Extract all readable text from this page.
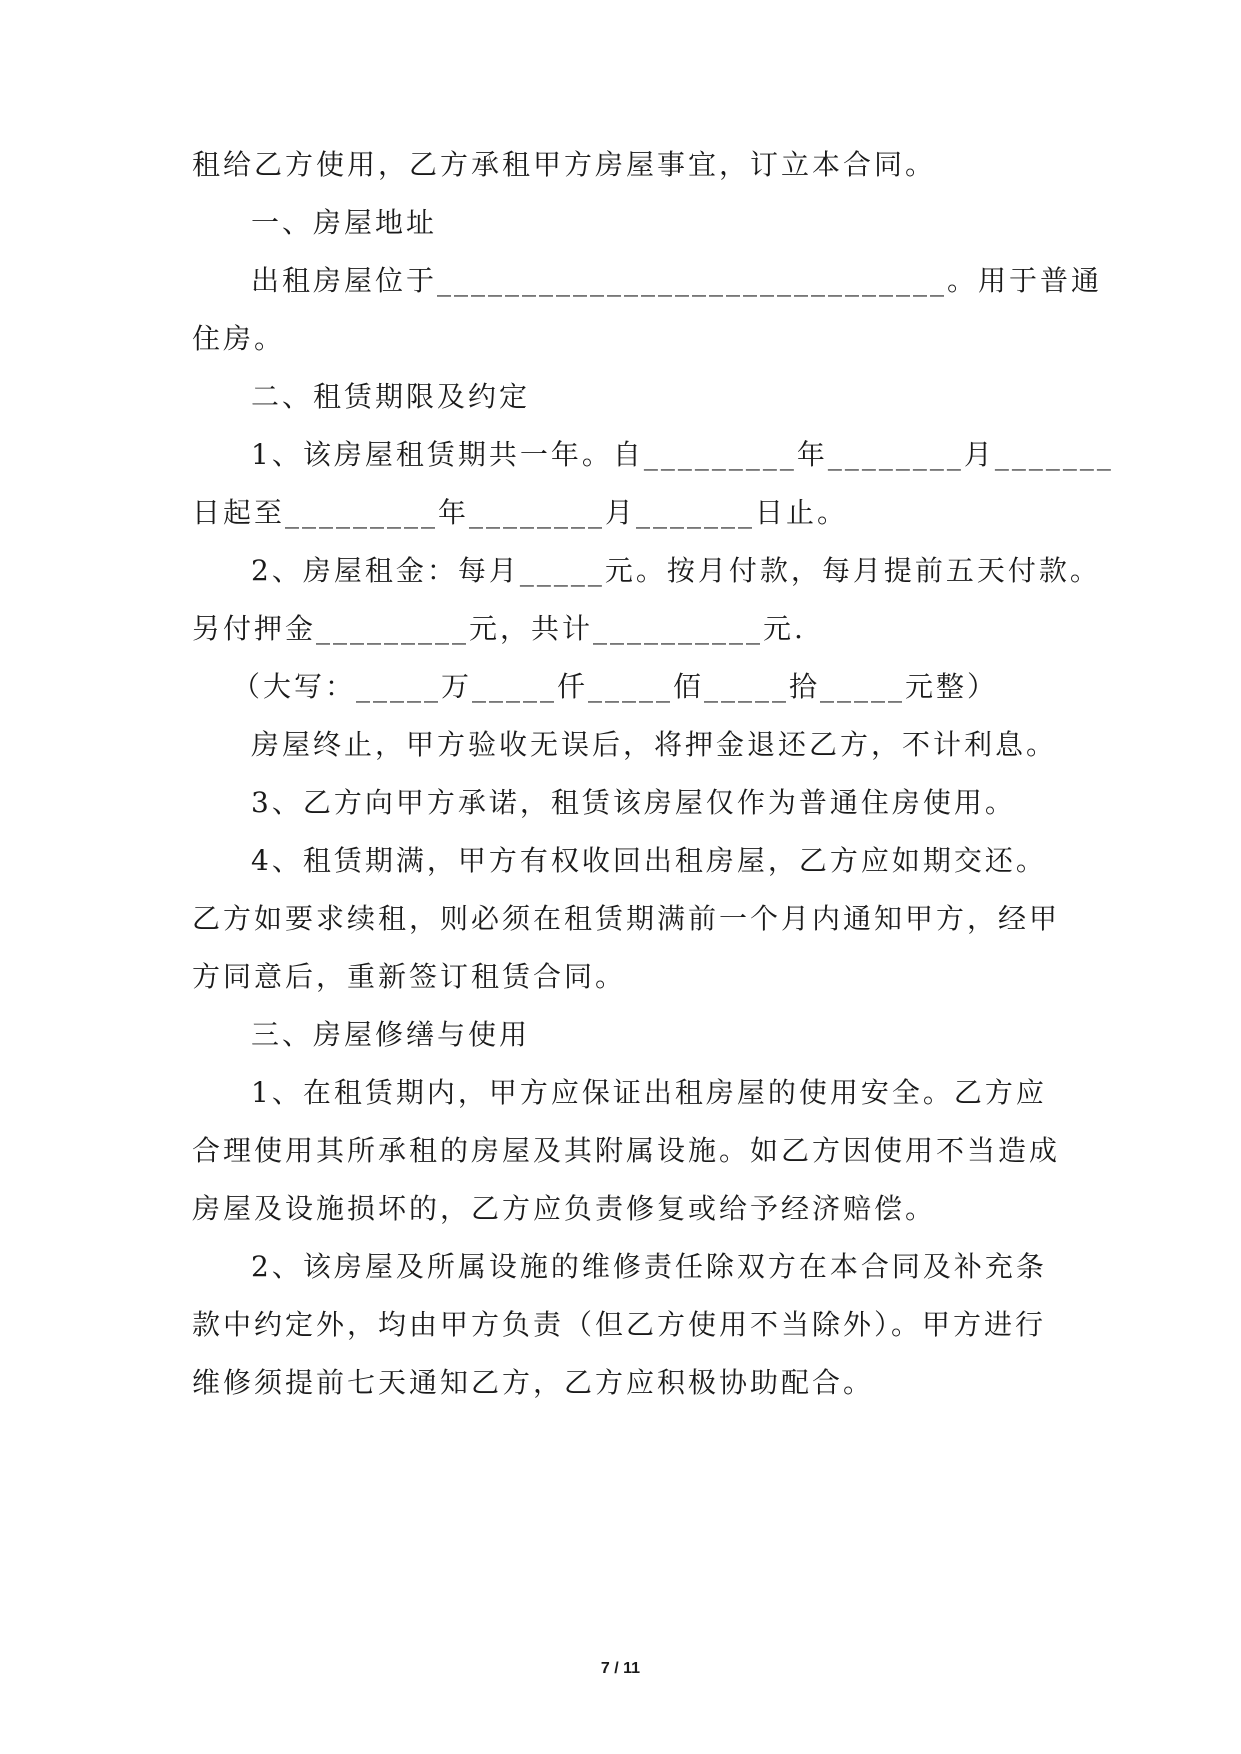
租给乙方使用，乙方承租甲方房屋事宜，订立本合同。
一、房屋地址
出租房屋位于______________________________。用于普通
住房。
二、租赁期限及约定
1、该房屋租赁期共一年。自_________年________月_______
日起至_________年________月_______日止。
2、房屋租金：每月_____元。按月付款，每月提前五天付款。
另付押金_________元，共计__________元.
（大写：_____万_____仟_____佰_____拾_____元整）
房屋终止，甲方验收无误后，将押金退还乙方，不计利息。
3、乙方向甲方承诺，租赁该房屋仅作为普通住房使用。
4、租赁期满，甲方有权收回出租房屋，乙方应如期交还。
乙方如要求续租，则必须在租赁期满前一个月内通知甲方，经甲
方同意后，重新签订租赁合同。
三、房屋修缮与使用
1、在租赁期内，甲方应保证出租房屋的使用安全。乙方应
合理使用其所承租的房屋及其附属设施。如乙方因使用不当造成
房屋及设施损坏的，乙方应负责修复或给予经济赔偿。
2、该房屋及所属设施的维修责任除双方在本合同及补充条
款中约定外，均由甲方负责（但乙方使用不当除外）。甲方进行
维修须提前七天通知乙方，乙方应积极协助配合。
7 / 11
